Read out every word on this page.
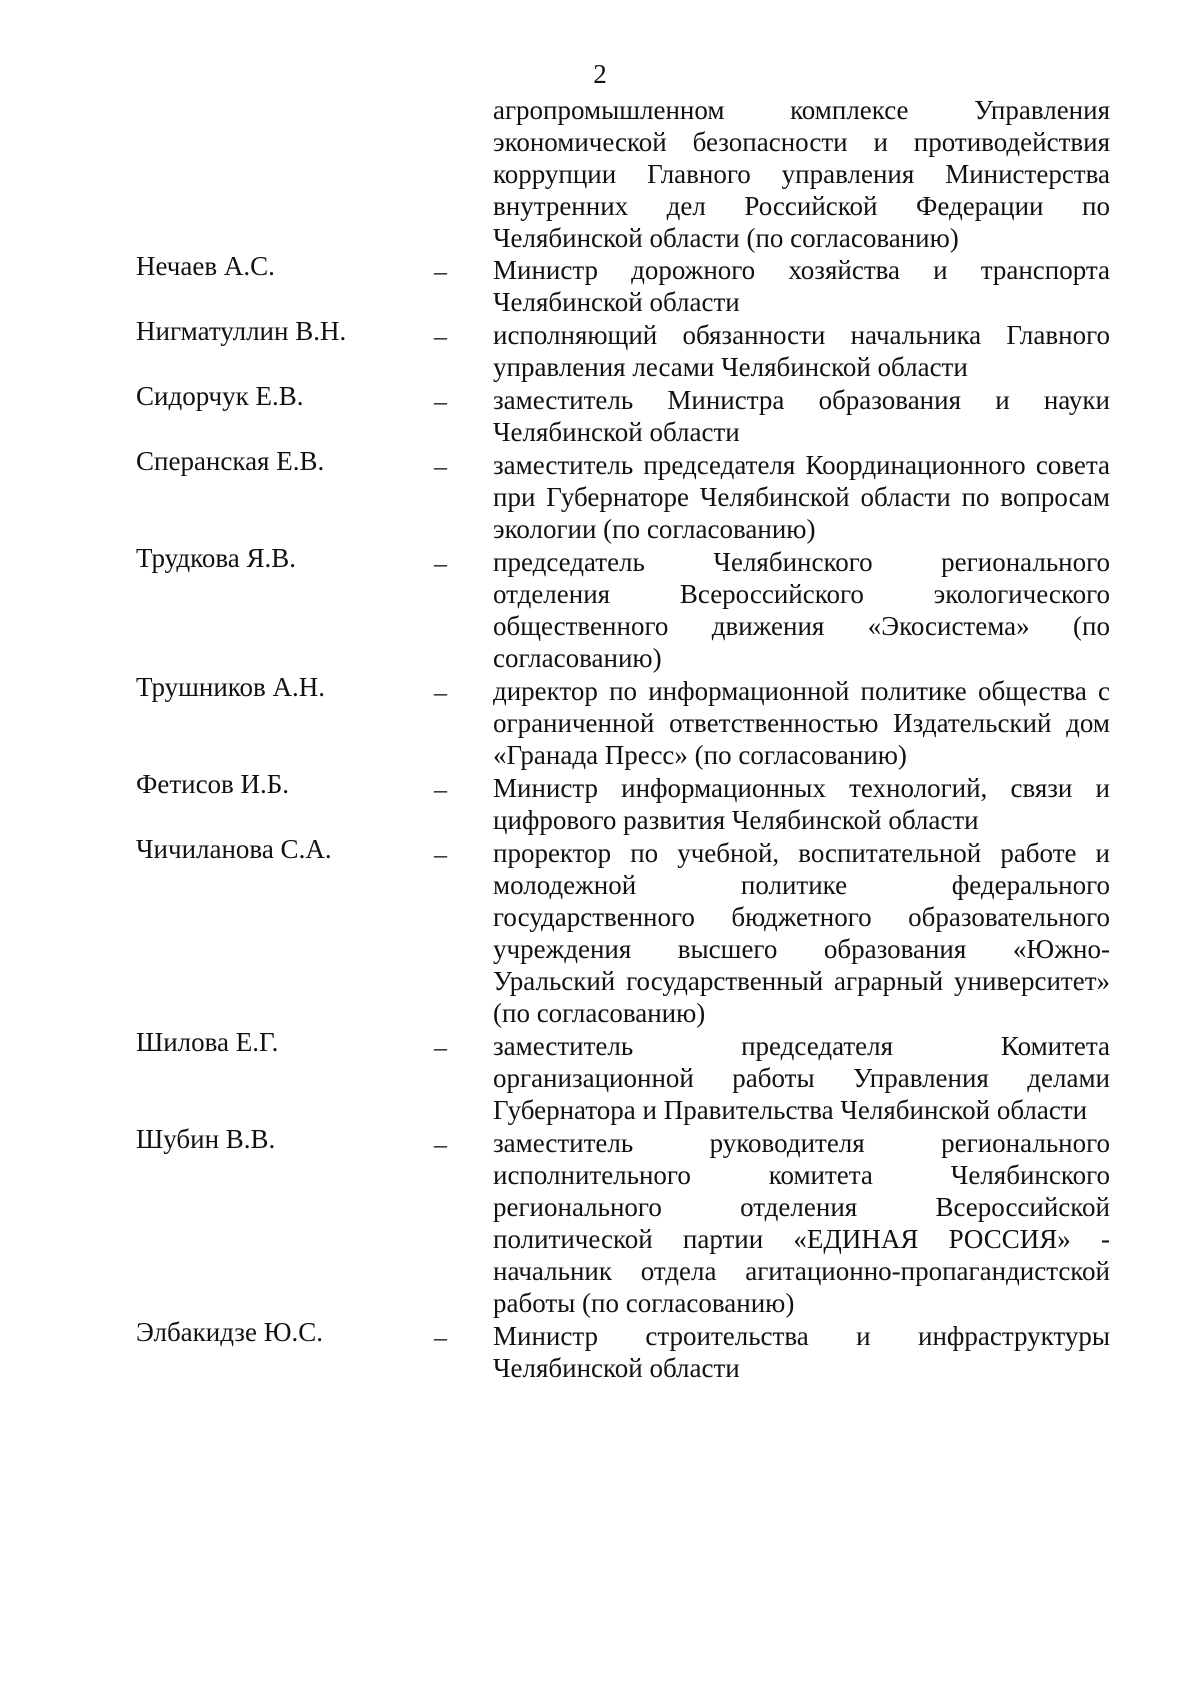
2
агропромышленном комплексе Управления экономической безопасности и противодействия коррупции Главного управления Министерства внутренних дел Российской Федерации по Челябинской области (по согласованию)
Нечаев А.С.	– Министр дорожного хозяйства и транспорта Челябинской области
Нигматуллин В.Н.	– исполняющий обязанности начальника Главного управления лесами Челябинской области
Сидорчук Е.В.	– заместитель Министра образования и науки Челябинской области
Сперанская Е.В.	– заместитель председателя Координационного совета при Губернаторе Челябинской области по вопросам экологии (по согласованию)
Трудкова Я.В.	– председатель Челябинского регионального отделения Всероссийского экологического общественного движения «Экосистема» (по согласованию)
Трушников А.Н.	– директор по информационной политике общества с ограниченной ответственностью Издательский дом «Гранада Пресс» (по согласованию)
Фетисов И.Б.	– Министр информационных технологий, связи и цифрового развития Челябинской области
Чичиланова С.А.	– проректор по учебной, воспитательной работе и молодежной политике федерального государственного бюджетного образовательного учреждения высшего образования «Южно-Уральский государственный аграрный университет» (по согласованию)
Шилова Е.Г.	– заместитель председателя Комитета организационной работы Управления делами Губернатора и Правительства Челябинской области
Шубин В.В.	– заместитель руководителя регионального исполнительного комитета Челябинского регионального отделения Всероссийской политической партии «ЕДИНАЯ РОССИЯ» - начальник отдела агитационно-пропагандистской работы (по согласованию)
Элбакидзе Ю.С.	– Министр строительства и инфраструктуры Челябинской области
